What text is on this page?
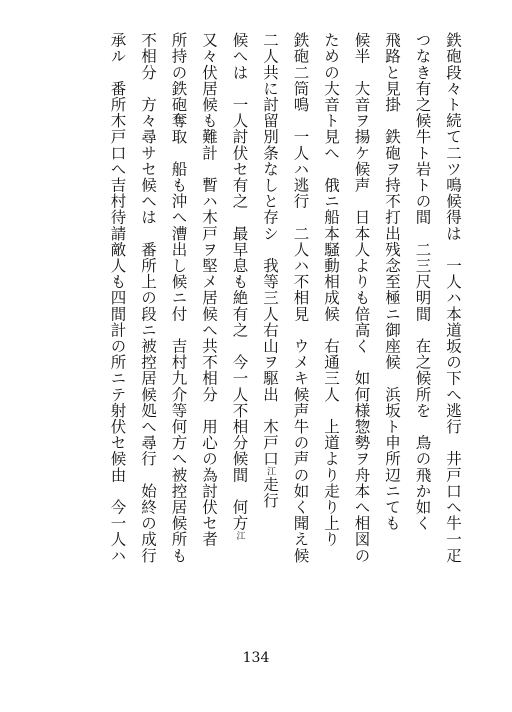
鉄砲段々ト続て二ツ鳴候得は　一人ハ本道坂の下へ逃行　井戸口へ牛一疋
つなき有之候牛ト岩トの間　二三尺明間　在之候所を　鳥の飛か如く
飛路と見掛　鉄砲ヲ持不打出残念至極ニ御座候　浜坂ト申所辺ニても
候半　大音ヲ揚ケ候声　日本人よりも倍高く　如何様惣勢ヲ舟本へ相図の
ための大音ト見へ　俄ニ船本騒動相成候　右通三人　上道より走り上り
鉄砲二筒鳴　一人ハ逃行　二人ハ不相見　ウメキ候声牛の声の如く聞え候
二人共に討留別条なしと存シ　我等三人右山ヲ駆出　木戸口江走行
候へは　一人討伏セ有之　最早息も絶有之　今一人不相分候間　何方江
又々伏居候も難計　暫ハ木戸ヲ堅メ居候へ共不相分　用心の為討伏セ者
所持の鉄砲奪取　船も沖へ漕出し候ニ付　吉村九介等何方へ被控居候所も
不相分　方々尋サセ候へは　番所上の段ニ被控居候処へ尋行　始終の成行
承ル　番所木戸口へ吉村待請敵人も四間計の所ニテ射伏セ候由　今一人ハ
134
